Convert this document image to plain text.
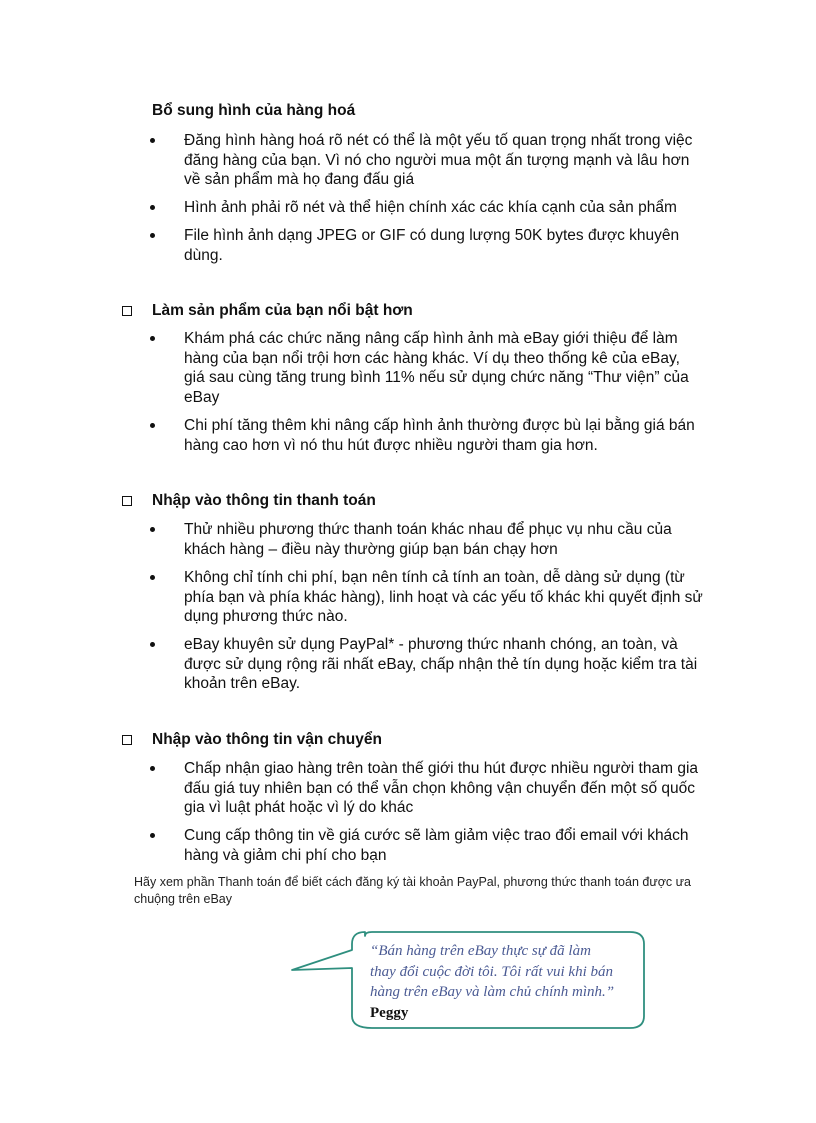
Bổ sung hình của hàng hoá
Đăng hình hàng hoá rõ nét có thể là một yếu tố quan trọng nhất trong việc đăng hàng của bạn. Vì nó cho người mua một ấn tượng mạnh và lâu hơn về sản phẩm mà họ đang đấu giá
Hình ảnh phải rõ nét và thể hiện chính xác các khía cạnh của sản phẩm
File hình ảnh dạng JPEG or GIF có dung lượng 50K bytes được khuyên dùng.
Làm sản phẩm của bạn nổi bật hơn
Khám phá các chức năng nâng cấp hình ảnh mà eBay giới thiệu để làm hàng của bạn nổi trội hơn các hàng khác. Ví dụ theo thống kê của eBay, giá sau cùng tăng trung bình 11% nếu sử dụng chức năng “Thư viện” của eBay
Chi phí tăng thêm khi nâng cấp hình ảnh thường được bù lại bằng giá bán hàng cao hơn vì nó thu hút được nhiều người tham gia hơn.
Nhập vào thông tin thanh toán
Thử nhiều phương thức thanh toán khác nhau để phục vụ nhu cầu của khách hàng – điều này thường giúp bạn bán chạy hơn
Không chỉ tính chi phí, bạn nên tính cả tính an toàn, dễ dàng sử dụng (từ phía bạn và phía khác hàng), linh hoạt và các yếu tố khác khi quyết định sử dụng phương thức nào.
eBay khuyên sử dụng PayPal* - phương thức nhanh chóng, an toàn, và được sử dụng rộng rãi nhất eBay, chấp nhận thẻ tín dụng hoặc kiểm tra tài khoản trên eBay.
Nhập vào thông tin vận chuyển
Chấp nhận giao hàng trên toàn thế giới thu hút được nhiều người tham gia đấu giá tuy nhiên bạn có thể vẫn chọn không vận chuyển đến một số quốc gia vì luật phát hoặc vì lý do khác
Cung cấp thông tin về giá cước sẽ làm giảm việc trao đổi email với khách hàng và giảm chi phí cho bạn
Hãy xem phần Thanh toán để biết cách đăng ký tài khoản PayPal, phương thức thanh toán được ưa chuộng trên eBay
“Bán hàng trên eBay thực sự đã làm thay đổi cuộc đời tôi. Tôi rất vui khi bán hàng trên eBay và làm chủ chính mình.” Peggy
